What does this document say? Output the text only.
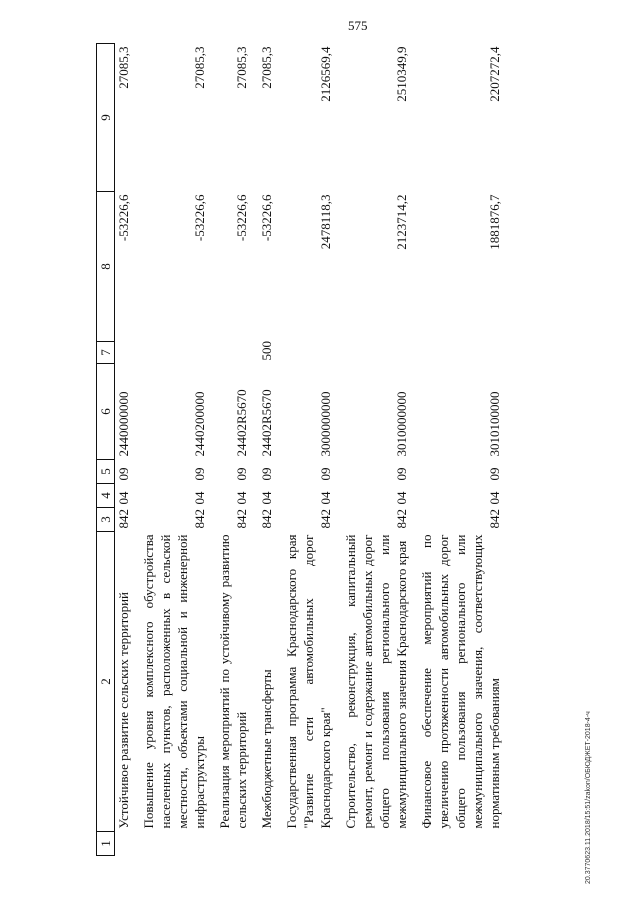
575
20.3770623.11.2018/15:51/zakon/ОБЮДЖЕТ-2018-4-ч
1	2	3	4	5	6	7	8	9
	Устойчивое развитие сельских территорий	842	04	09	2440000000		-53226,6	27085,3

	Повышение уровня комплексного обустройства населенных пунктов, расположенных в сельской местности, объектами социальной и инженерной инфраструктуры	842	04	09	2440200000		-53226,6	27085,3

	Реализация мероприятий по устойчивому развитию сельских территорий	842	04	09	24402R5670		-53226,6	27085,3

	Межбюджетные трансферты	842	04	09	24402R5670	500	-53226,6	27085,3

	Государственная программа Краснодарского края "Развитие сети автомобильных дорог Краснодарского края"	842	04	09	3000000000		2478118,3	2126569,4

	Строительство, реконструкция, капитальный ремонт, ремонт и содержание автомобильных дорог общего пользования регионального или межмуниципального значения Краснодарского края	842	04	09	3010000000		2123714,2	2510349,9

	Финансовое обеспечение мероприятий по увеличению протяженности автомобильных дорог общего пользования регионального или межмуниципального значения, соответствующих нормативным требованиям	842	04	09	3010100000		1881876,7	2207272,4
